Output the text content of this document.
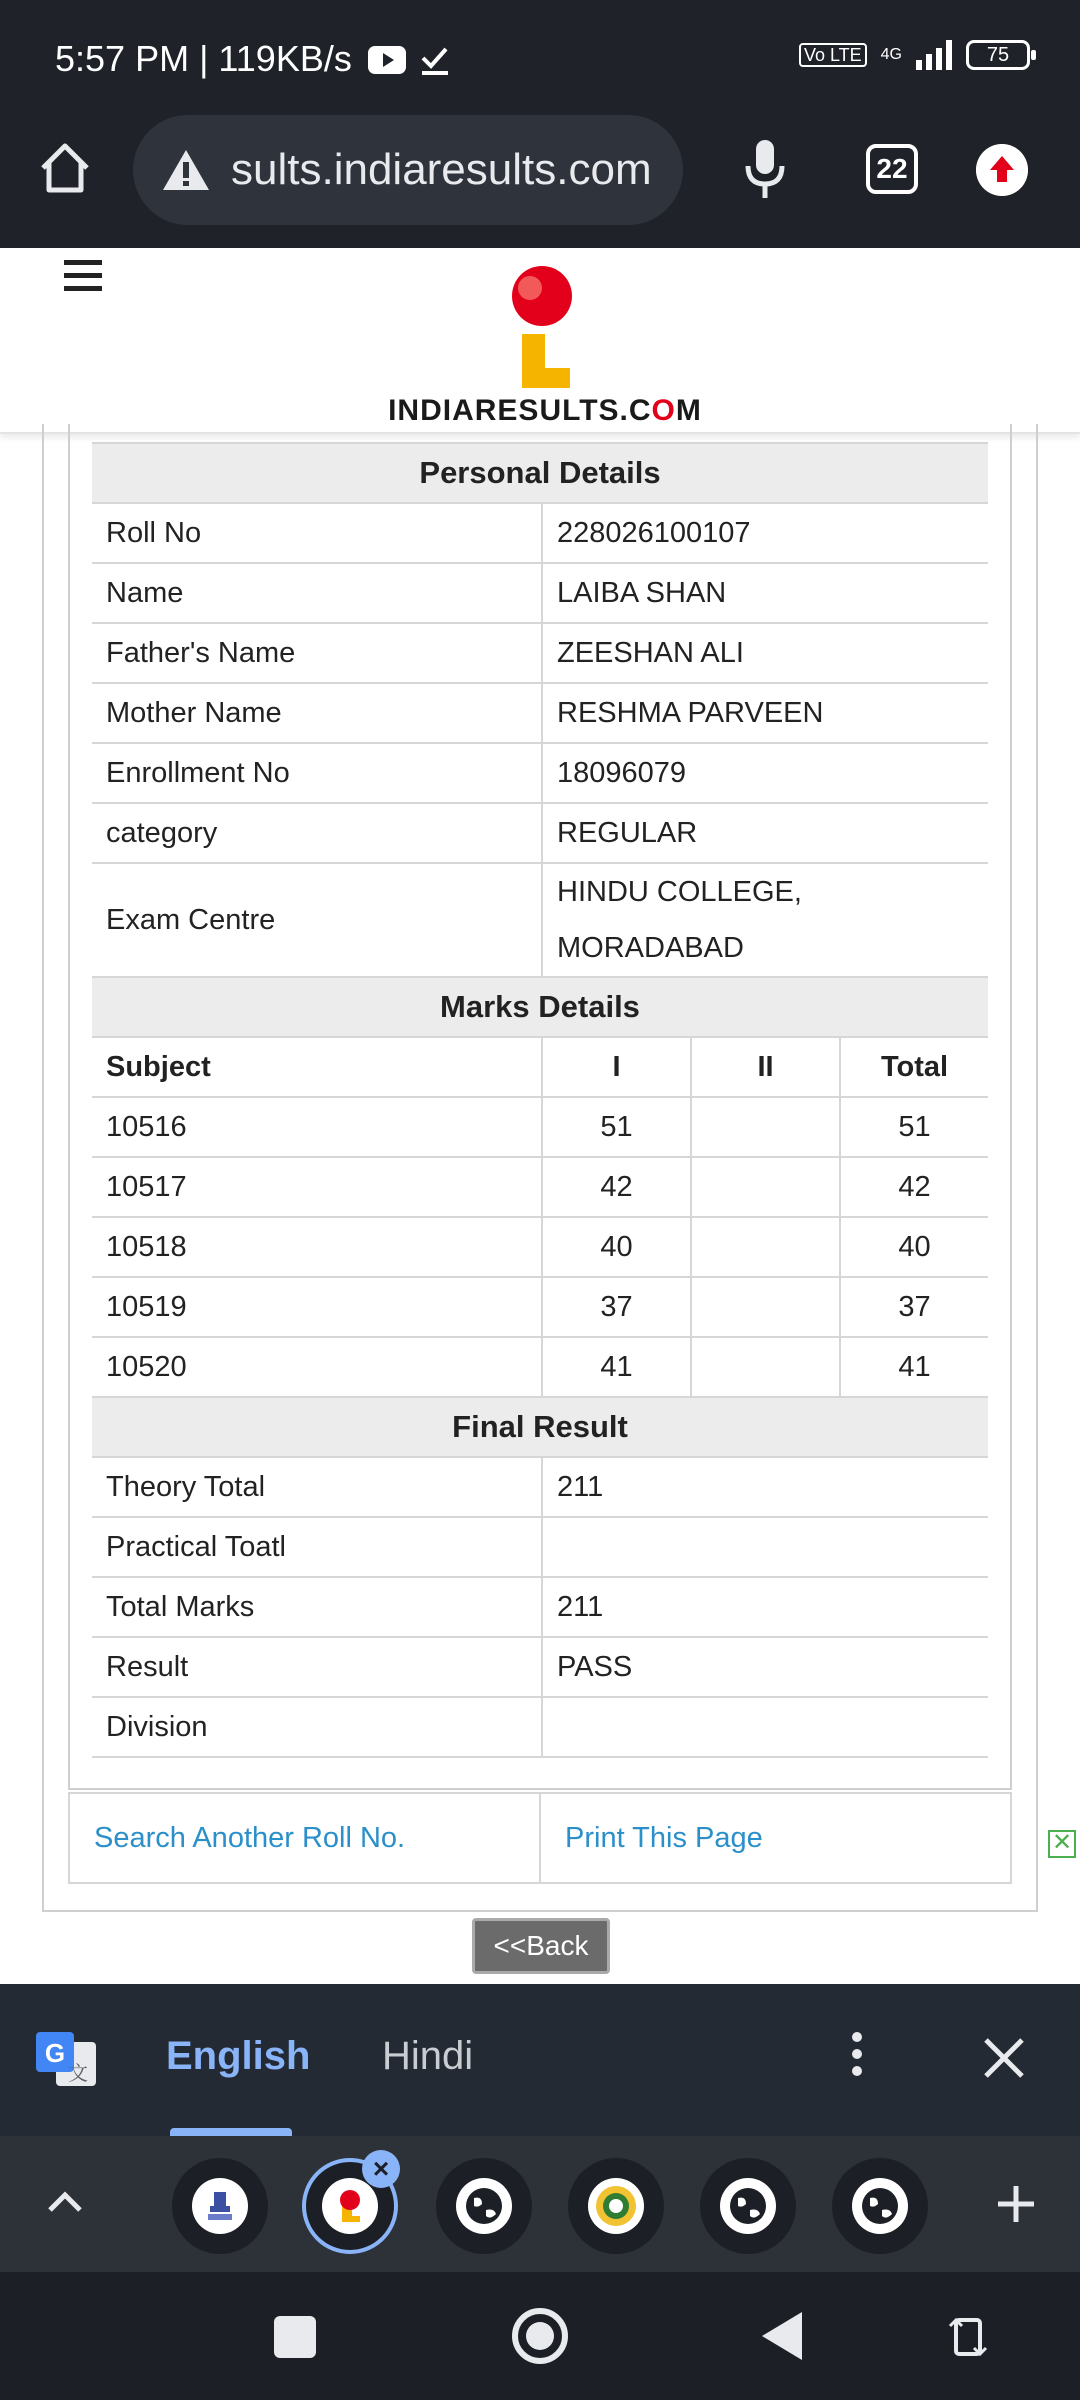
5:57 PM | 119KB/s	Vo LTE	4G	75
sults.indiaresults.com	22
INDIARESULTS.COM
Personal Details			
Roll No	228026100107		
Name	LAIBA SHAN		
Father's Name	ZEESHAN ALI		
Mother Name	RESHMA PARVEEN		
Enrollment No	18096079		
category	REGULAR		
Exam Centre	HINDU COLLEGE,
MORADABAD		

Marks Details			
Subject	I	II	Total
10516	51		51
10517	42		42
10518	40		40
10519	37		37
10520	41		41
Final Result			
Theory Total	211		
Practical Toatl			
Total Marks	211		
Result	PASS		
Division			
Search Another Roll No.	Print This Page	✕
<<Back
G
文 English Hindi
×
